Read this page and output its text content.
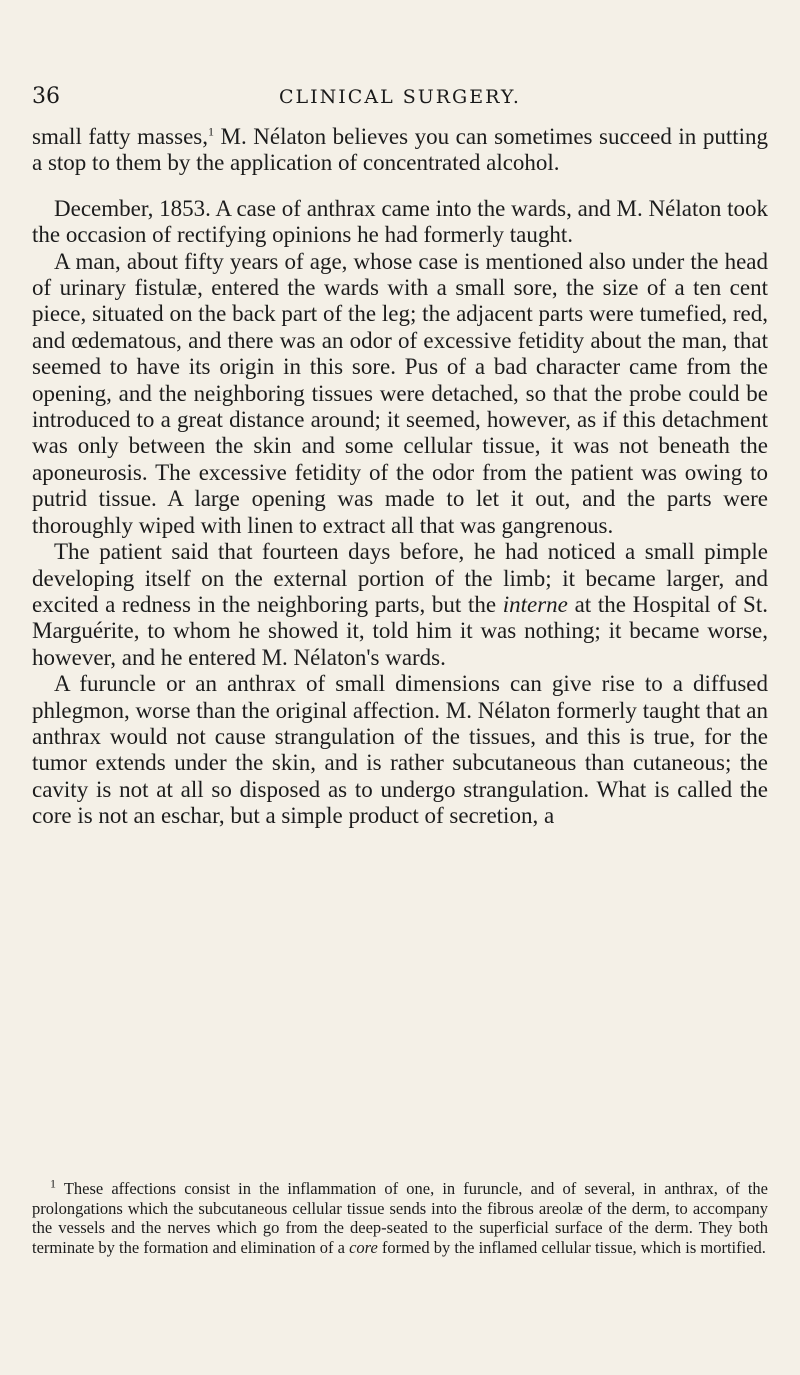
36	CLINICAL SURGERY.

small fatty masses,$^1$ M. Nélaton believes you can sometimes succeed in putting a stop to them by the application of concentrated alcohol.

December, 1853. A case of anthrax came into the wards, and M. Nélaton took the occasion of rectifying opinions he had formerly taught.

A man, about fifty years of age, whose case is mentioned also under the head of urinary fistulæ, entered the wards with a small sore, the size of a ten cent piece, situated on the back part of the leg; the adjacent parts were tumefied, red, and œdematous, and there was an odor of excessive fetidity about the man, that seemed to have its origin in this sore. Pus of a bad character came from the opening, and the neighboring tissues were detached, so that the probe could be introduced to a great distance around; it seemed, however, as if this detachment was only between the skin and some cellular tissue, it was not beneath the aponeurosis. The excessive fetidity of the odor from the patient was owing to putrid tissue. A large opening was made to let it out, and the parts were thoroughly wiped with linen to extract all that was gangrenous.

The patient said that fourteen days before, he had noticed a small pimple developing itself on the external portion of the limb; it became larger, and excited a redness in the neighboring parts, but the interne at the Hospital of St. Marguérite, to whom he showed it, told him it was nothing; it became worse, however, and he entered M. Nélaton's wards.

A furuncle or an anthrax of small dimensions can give rise to a diffused phlegmon, worse than the original affection. M. Nélaton formerly taught that an anthrax would not cause strangulation of the tissues, and this is true, for the tumor extends under the skin, and is rather subcutaneous than cutaneous; the cavity is not at all so disposed as to undergo strangulation. What is called the core is not an eschar, but a simple product of secretion, a

$^1$ These affections consist in the inflammation of one, in furuncle, and of several, in anthrax, of the prolongations which the subcutaneous cellular tissue sends into the fibrous areolæ of the derm, to accompany the vessels and the nerves which go from the deep-seated to the superficial surface of the derm. They both terminate by the formation and elimination of a core formed by the inflamed cellular tissue, which is mortified.
